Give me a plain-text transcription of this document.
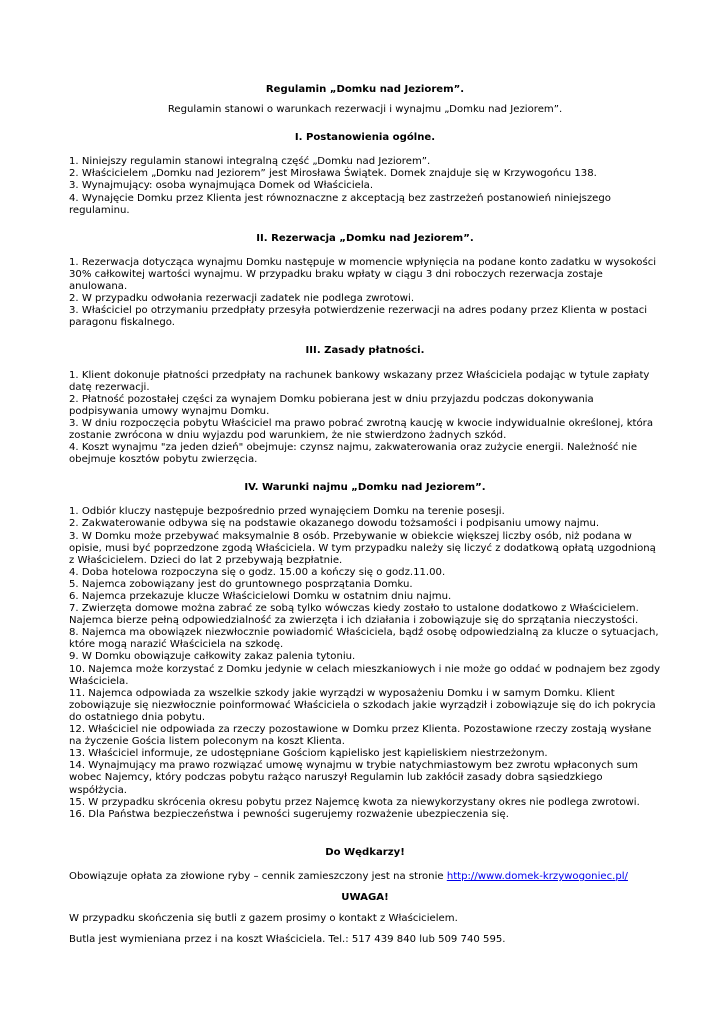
Regulamin „Domku nad Jeziorem”.

Regulamin stanowi o warunkach rezerwacji i wynajmu „Domku nad Jeziorem”.

I. Postanowienia ogólne.

1. Niniejszy regulamin stanowi integralną część „Domku nad Jeziorem”.

2. Właścicielem „Domku nad Jeziorem” jest Mirosława Świątek. Domek znajduje się w Krzywogońcu 138.

3. Wynajmujący: osoba wynajmująca Domek od Właściciela.

4. Wynajęcie Domku przez Klienta jest równoznaczne z akceptacją bez zastrzeżeń postanowień niniejszego regulaminu.

II. Rezerwacja „Domku nad Jeziorem”.

1. Rezerwacja dotycząca wynajmu Domku następuje w momencie wpłynięcia na podane konto zadatku w wysokości 30% całkowitej wartości wynajmu. W przypadku braku wpłaty w ciągu 3 dni roboczych rezerwacja zostaje anulowana.

2. W przypadku odwołania rezerwacji zadatek nie podlega zwrotowi.

3. Właściciel po otrzymaniu przedpłaty przesyła potwierdzenie rezerwacji na adres podany przez Klienta w postaci paragonu fiskalnego.

III. Zasady płatności.

1. Klient dokonuje płatności przedpłaty na rachunek bankowy wskazany przez Właściciela podając w tytule zapłaty datę rezerwacji.

2. Płatność pozostałej części za wynajem Domku pobierana jest w dniu przyjazdu podczas dokonywania podpisywania umowy wynajmu Domku.

3. W dniu rozpoczęcia pobytu Właściciel ma prawo pobrać zwrotną kaucję w kwocie indywidualnie określonej, która zostanie zwrócona w dniu wyjazdu pod warunkiem, że nie stwierdzono żadnych szkód.

4. Koszt wynajmu "za jeden dzień" obejmuje: czynsz najmu, zakwaterowania oraz zużycie energii. Należność nie obejmuje kosztów pobytu zwierzęcia.

IV. Warunki najmu „Domku nad Jeziorem”.

1. Odbiór kluczy następuje bezpośrednio przed wynajęciem Domku na terenie posesji.

2. Zakwaterowanie odbywa się na podstawie okazanego dowodu tożsamości i podpisaniu umowy najmu.

3. W Domku może przebywać maksymalnie 8 osób. Przebywanie w obiekcie większej liczby osób, niż podana w opisie, musi być poprzedzone zgodą Właściciela. W tym przypadku należy się liczyć z dodatkową opłatą uzgodnioną z Właścicielem. Dzieci do lat 2 przebywają bezpłatnie.

4. Doba hotelowa rozpoczyna się o godz. 15.00 a kończy się o godz.11.00.

5. Najemca zobowiązany jest do gruntownego posprzątania Domku.

6. Najemca przekazuje klucze Właścicielowi Domku w ostatnim dniu najmu.

7. Zwierzęta domowe można zabrać ze sobą tylko wówczas kiedy zostało to ustalone dodatkowo z Właścicielem. Najemca bierze pełną odpowiedzialność za zwierzęta i ich działania i zobowiązuje się do sprzątania nieczystości.

8. Najemca ma obowiązek niezwłocznie powiadomić Właściciela, bądź osobę odpowiedzialną za klucze o sytuacjach, które mogą narazić Właściciela na szkodę.

9. W Domku obowiązuje całkowity zakaz palenia tytoniu.

10. Najemca może korzystać z Domku jedynie w celach mieszkaniowych i nie może go oddać w podnajem bez zgody Właściciela.

11. Najemca odpowiada za wszelkie szkody jakie wyrządzi w wyposażeniu Domku i w samym Domku. Klient zobowiązuje się niezwłocznie poinformować Właściciela o szkodach jakie wyrządził i zobowiązuje się do ich pokrycia do ostatniego dnia pobytu.

12. Właściciel nie odpowiada za rzeczy pozostawione w Domku przez Klienta. Pozostawione rzeczy zostają wysłane na życzenie Gościa listem poleconym na koszt Klienta.

13. Właściciel informuje, ze udostępniane Gościom kąpielisko jest kąpieliskiem niestrzeżonym.

14. Wynajmujący ma prawo rozwiązać umowę wynajmu w trybie natychmiastowym bez zwrotu wpłaconych sum wobec Najemcy, który podczas pobytu rażąco naruszył Regulamin lub zakłócił zasady dobra sąsiedzkiego współżycia.

15. W przypadku skrócenia okresu pobytu przez Najemcę kwota za niewykorzystany okres nie podlega zwrotowi.

16. Dla Państwa bezpieczeństwa i pewności sugerujemy rozważenie ubezpieczenia się.

Do Wędkarzy!

Obowiązuje opłata za złowione ryby – cennik zamieszczony jest na stronie http://www.domek-krzywogoniec.pl/

UWAGA!

W przypadku skończenia się butli z gazem prosimy o kontakt z Właścicielem.

Butla jest wymieniana przez i na koszt Właściciela. Tel.: 517 439 840 lub 509 740 595.
